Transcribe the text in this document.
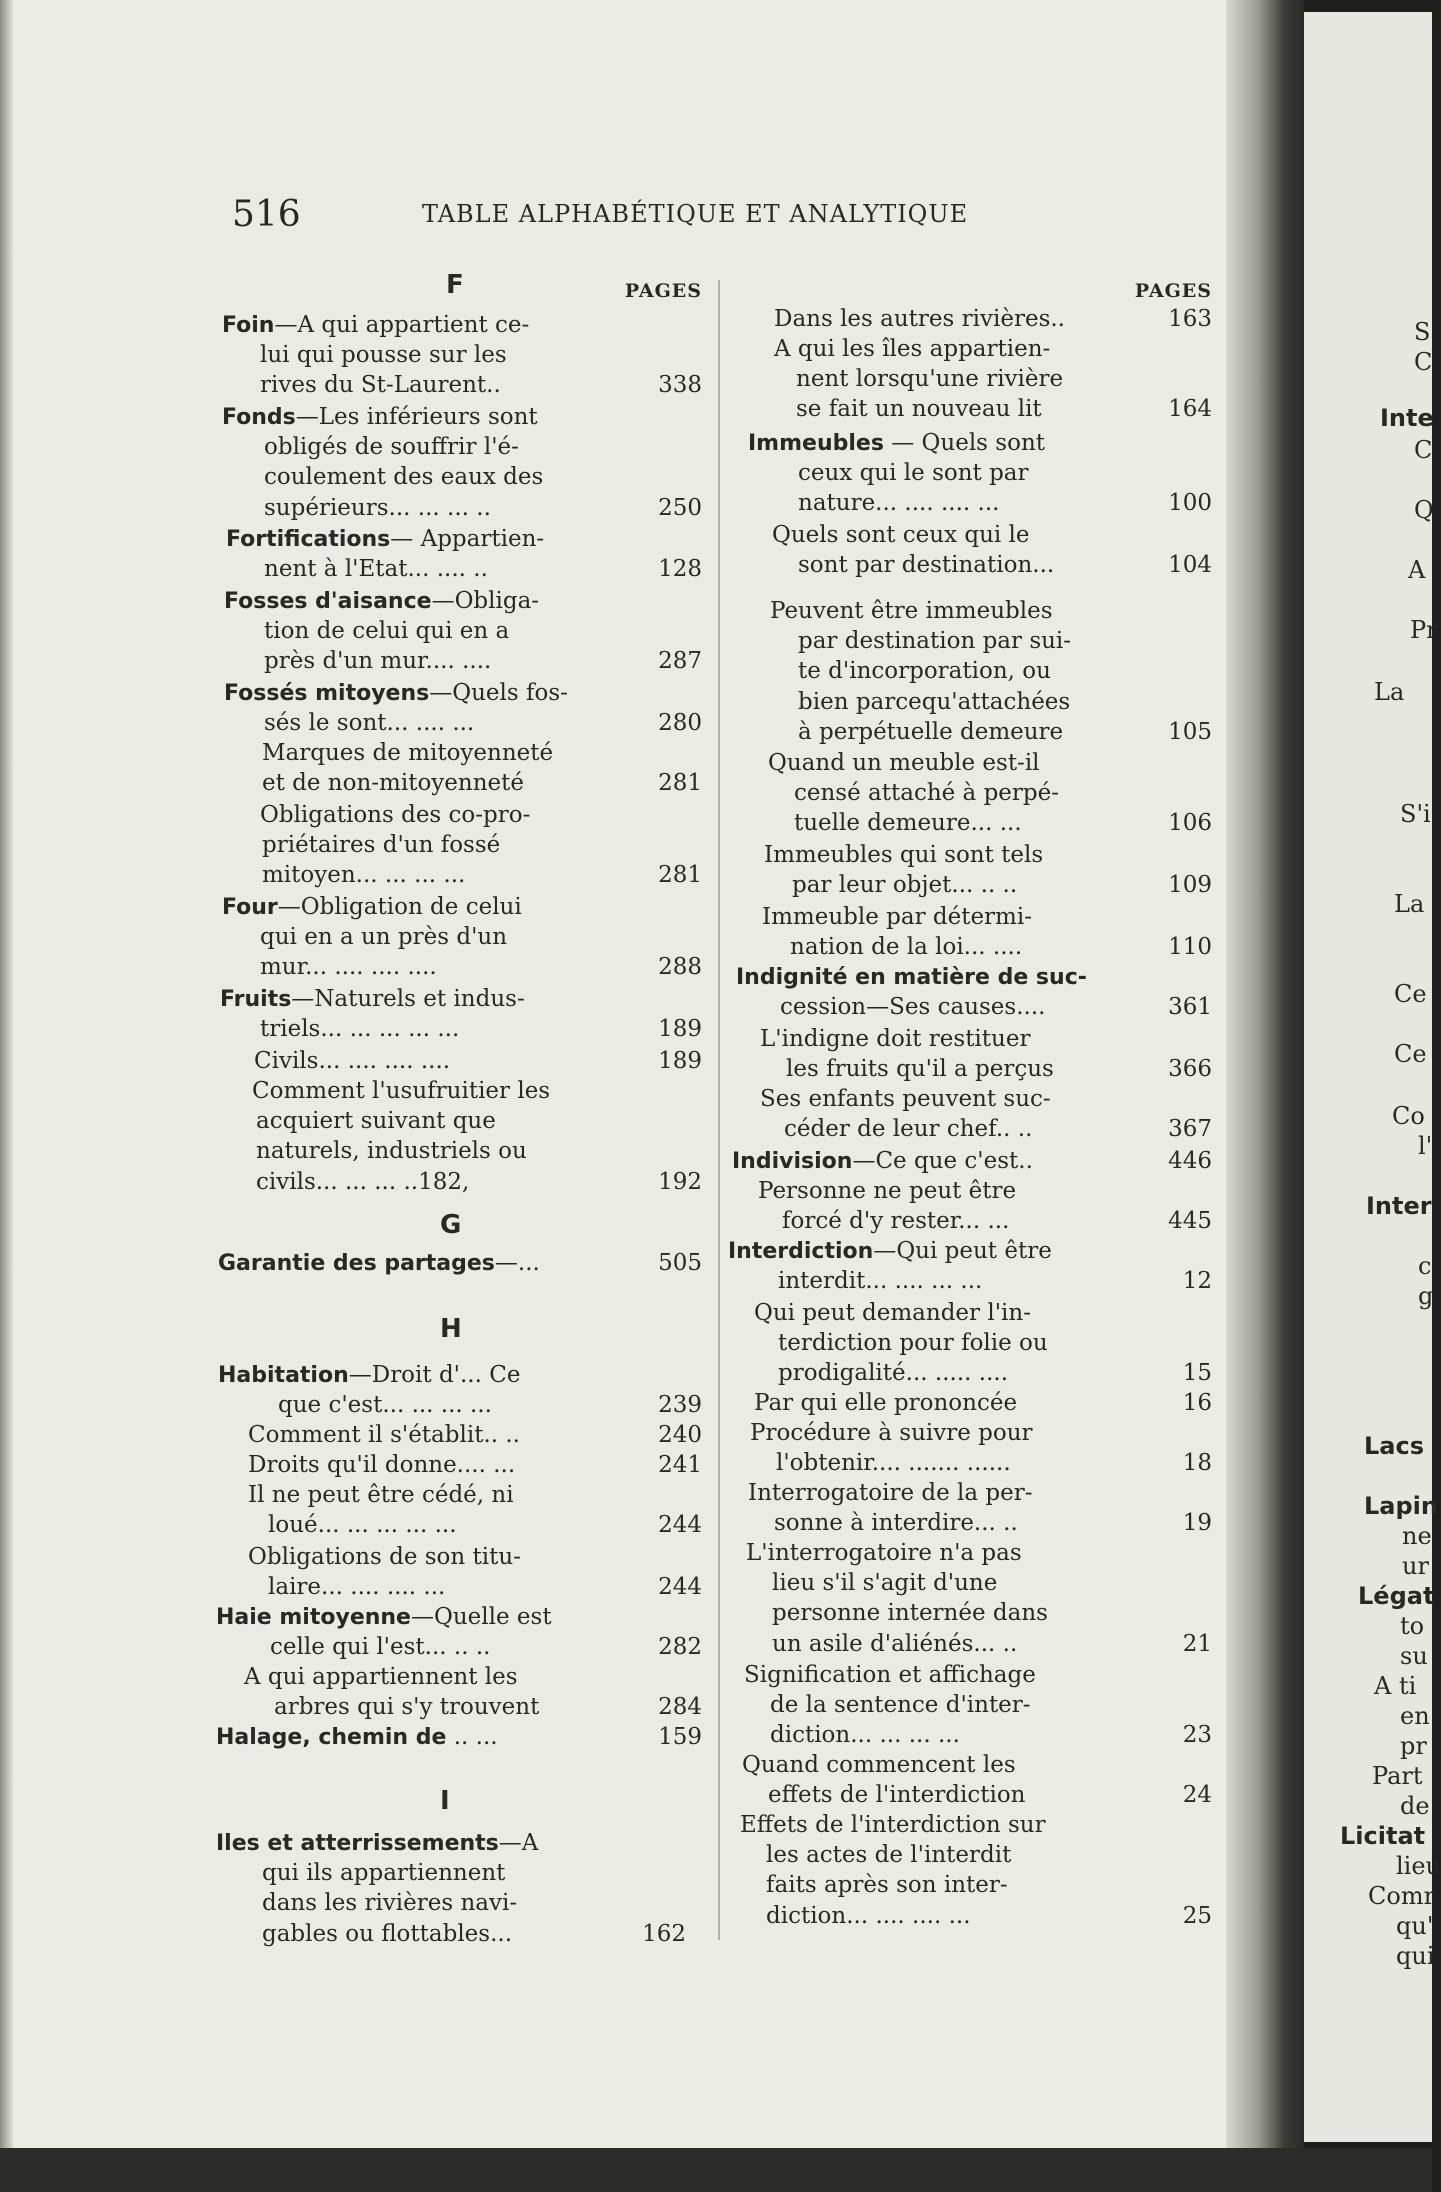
516	TABLE ALPHABÉTIQUE ET ANALYTIQUE
PAGES
F
Foin—A qui appartient ce-
lui qui pousse sur les
rives du St-Laurent..	338
Fonds—Les inférieurs sont
obligés de souffrir l'é-
coulement des eaux des
supérieurs... ... ... ..	250
Fortifications— Appartien-
nent à l'Etat... .... ..	128
Fosses d'aisance—Obliga-
tion de celui qui en a
près d'un mur.... ....	287
Fossés mitoyens—Quels fos-
sés le sont... .... ...	280
Marques de mitoyenneté
et de non-mitoyenneté	281
Obligations des co-pro-
priétaires d'un fossé
mitoyen... ... ... ...	281
Four—Obligation de celui
qui en a un près d'un
mur... .... .... ....	288
Fruits—Naturels et indus-
triels... ... ... ... ...	189
Civils... .... .... ....	189
Comment l'usufruitier les
acquiert suivant que
naturels, industriels ou
civils... ... ... ..182,	192
G
Garantie des partages—...	505
H
Habitation—Droit d'... Ce
que c'est... ... ... ...	239
Comment il s'établit.. ..	240
Droits qu'il donne.... ...	241
Il ne peut être cédé, ni
loué... ... ... ... ...	244
Obligations de son titu-
laire... .... .... ...	244
Haie mitoyenne—Quelle est
celle qui l'est... .. ..	282
A qui appartiennent les
arbres qui s'y trouvent	284
Halage, chemin de .. ...	159
I
Iles et atterrissements—A
qui ils appartiennent
dans les rivières navi-
gables ou flottables...	162
PAGES
Dans les autres rivières..	163
A qui les îles appartien-
nent lorsqu'une rivière
se fait un nouveau lit	164
Immeubles — Quels sont
ceux qui le sont par
nature... .... .... ...	100
Quels sont ceux qui le
sont par destination...	104
Peuvent être immeubles
par destination par sui-
te d'incorporation, ou
bien parcequ'attachées
à perpétuelle demeure	105
Quand un meuble est-il
censé attaché à perpé-
tuelle demeure... ...	106
Immeubles qui sont tels
par leur objet... .. ..	109
Immeuble par détermi-
nation de la loi... ....	110
Indignité en matière de suc-
cession—Ses causes....	361
L'indigne doit restituer
les fruits qu'il a perçus	366
Ses enfants peuvent suc-
céder de leur chef.. ..	367
Indivision—Ce que c'est..	446
Personne ne peut être
forcé d'y rester... ...	445
Interdiction—Qui peut être
interdit... .... ... ...	12
Qui peut demander l'in-
terdiction pour folie ou
prodigalité... ..... ....	15
Par qui elle prononcée	16
Procédure à suivre pour
l'obtenir.... ....... ......	18
Interrogatoire de la per-
sonne à interdire... ..	19
L'interrogatoire n'a pas
lieu s'il s'agit d'une
personne internée dans
un asile d'aliénés... ..	21
Signification et affichage
de la sentence d'inter-
diction... ... ... ...	23
Quand commencent les
effets de l'interdiction	24
Effets de l'interdiction sur
les actes de l'interdit
faits après son inter-
diction... .... .... ...	25
S
C
Inte
C
Q
A
Pr
La
S'i
La
Ce
Ce
Co
l'
Inter
c
g
Lacs
Lapin
ne
ur
Légat
to
su
A ti
en
pr
Part
de
Licitat
lieu
Comr
qu'
qui
